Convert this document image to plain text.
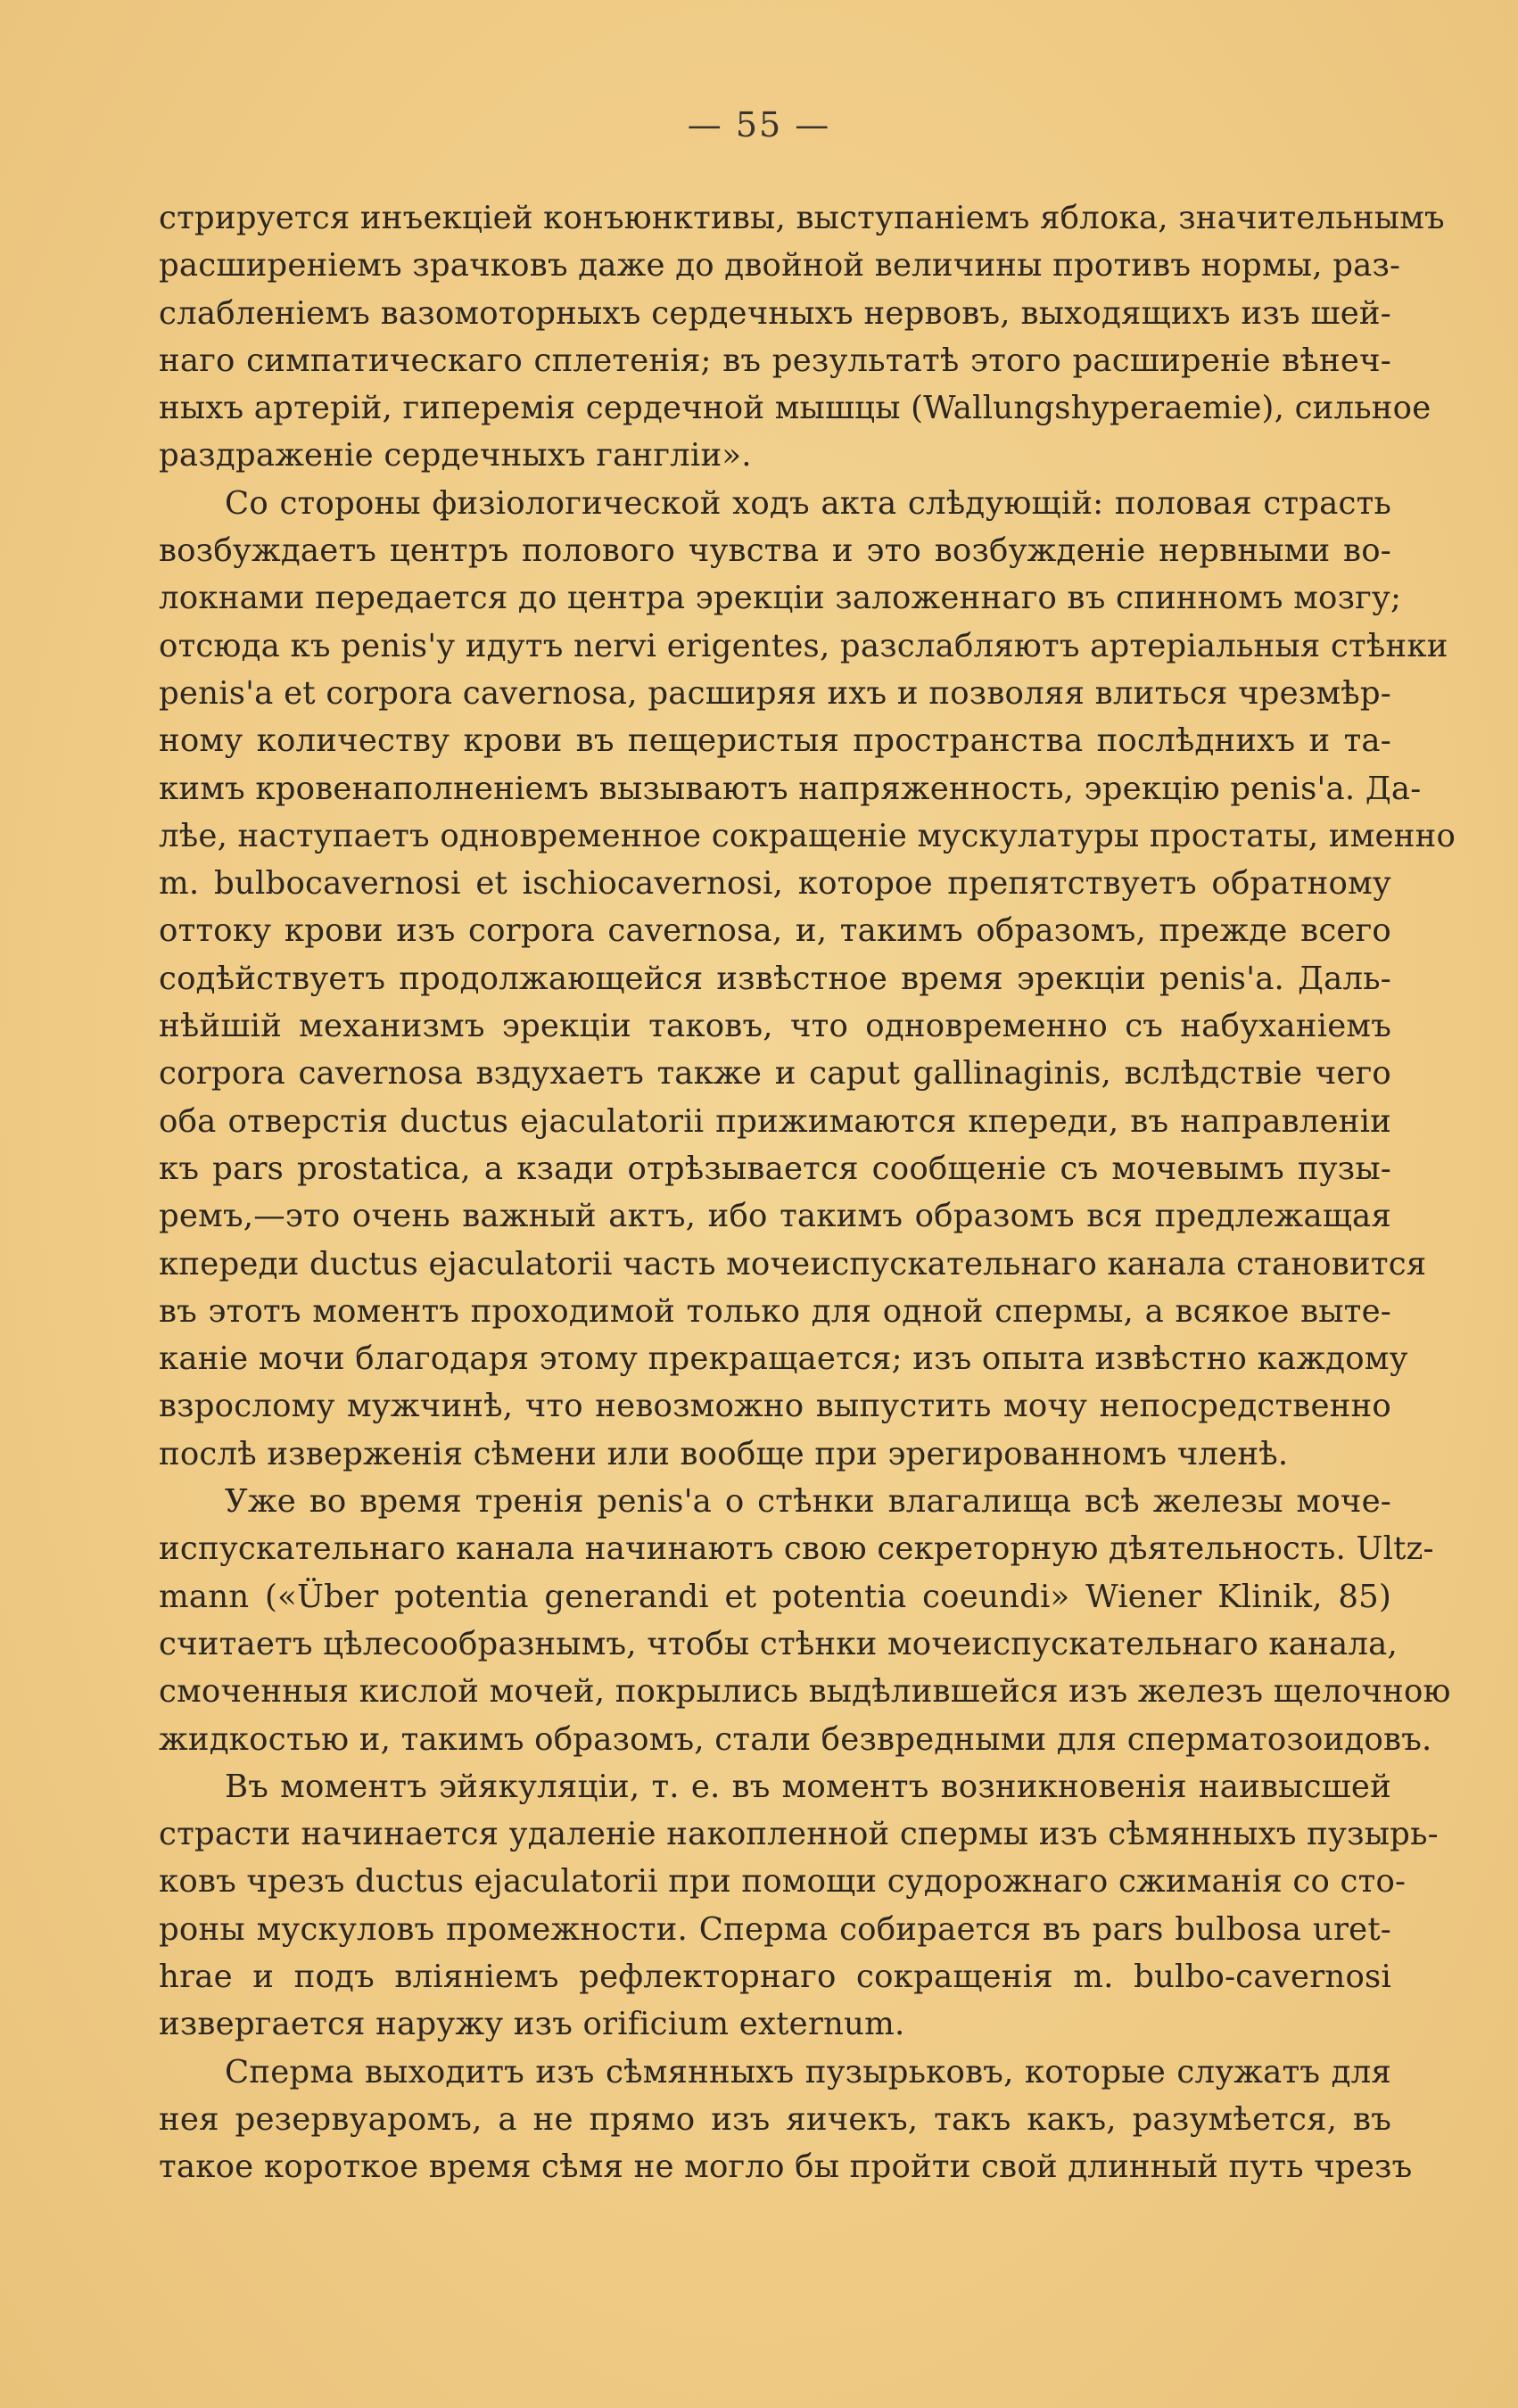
— 55 —
стрируется инъекціей конъюнктивы, выступаніемъ яблока, значительнымъ
расширеніемъ зрачковъ даже до двойной величины противъ нормы, раз-
слабленіемъ вазомоторныхъ сердечныхъ нервовъ, выходящихъ изъ шей-
наго симпатическаго сплетенія; въ результатѣ этого расширеніе вѣнеч-
ныхъ артерій, гиперемія сердечной мышцы (Wallungshyperaemie), сильное
раздраженіе сердечныхъ гангліи».
Со стороны физіологической ходъ акта слѣдующій: половая страсть
возбуждаетъ центръ полового чувства и это возбужденіе нервными во-
локнами передается до центра эрекціи заложеннаго въ спинномъ мозгу;
отсюда къ penis'у идутъ nervi erigentes, разслабляютъ артеріальныя стѣнки
penis'a et corpora cavernosa, расширяя ихъ и позволяя влиться чрезмѣр-
ному количеству крови въ пещеристыя пространства послѣднихъ и та-
кимъ кровенаполненіемъ вызываютъ напряженность, эрекцію penis'a. Да-
лѣе, наступаетъ одновременное сокращеніе мускулатуры простаты, именно
m. bulbocavernosi et ischiocavernosi, которое препятствуетъ обратному
оттоку крови изъ corpora cavernosa, и, такимъ образомъ, прежде всего
содѣйствуетъ продолжающейся извѣстное время эрекціи penis'a. Даль-
нѣйшій механизмъ эрекціи таковъ, что одновременно съ набуханіемъ
corpora cavernosa вздухаетъ также и caput gallinaginis, вслѣдствіе чего
оба отверстія ductus ejaculatorii прижимаются кпереди, въ направленіи
къ pars prostatica, а кзади отрѣзывается сообщеніе съ мочевымъ пузы-
ремъ,—это очень важный актъ, ибо такимъ образомъ вся предлежащая
кпереди ductus ejaculatorii часть мочеиспускательнаго канала становится
въ этотъ моментъ проходимой только для одной спермы, а всякое выте-
каніе мочи благодаря этому прекращается; изъ опыта извѣстно каждому
взрослому мужчинѣ, что невозможно выпустить мочу непосредственно
послѣ изверженія сѣмени или вообще при эрегированномъ членѣ.
Уже во время тренія penis'a о стѣнки влагалища всѣ железы моче-
испускательнаго канала начинаютъ свою секреторную дѣятельность. Ultz-
mann («Über potentia generandi et potentia coeundi» Wiener Klinik, 85)
считаетъ цѣлесообразнымъ, чтобы стѣнки мочеиспускательнаго канала,
смоченныя кислой мочей, покрылись выдѣлившейся изъ железъ щелочною
жидкостью и, такимъ образомъ, стали безвредными для сперматозоидовъ.
Въ моментъ эйякуляціи, т. е. въ моментъ возникновенія наивысшей
страсти начинается удаленіе накопленной спермы изъ сѣмянныхъ пузырь-
ковъ чрезъ ductus ejaculatorii при помощи судорожнаго сжиманія со сто-
роны мускуловъ промежности. Сперма собирается въ pars bulbosa uret-
hrae и подъ вліяніемъ рефлекторнаго сокращенія m. bulbo-cavernosi
извергается наружу изъ orificium externum.
Сперма выходитъ изъ сѣмянныхъ пузырьковъ, которые служатъ для
нея резервуаромъ, а не прямо изъ яичекъ, такъ какъ, разумѣется, въ
такое короткое время сѣмя не могло бы пройти свой длинный путь чрезъ
